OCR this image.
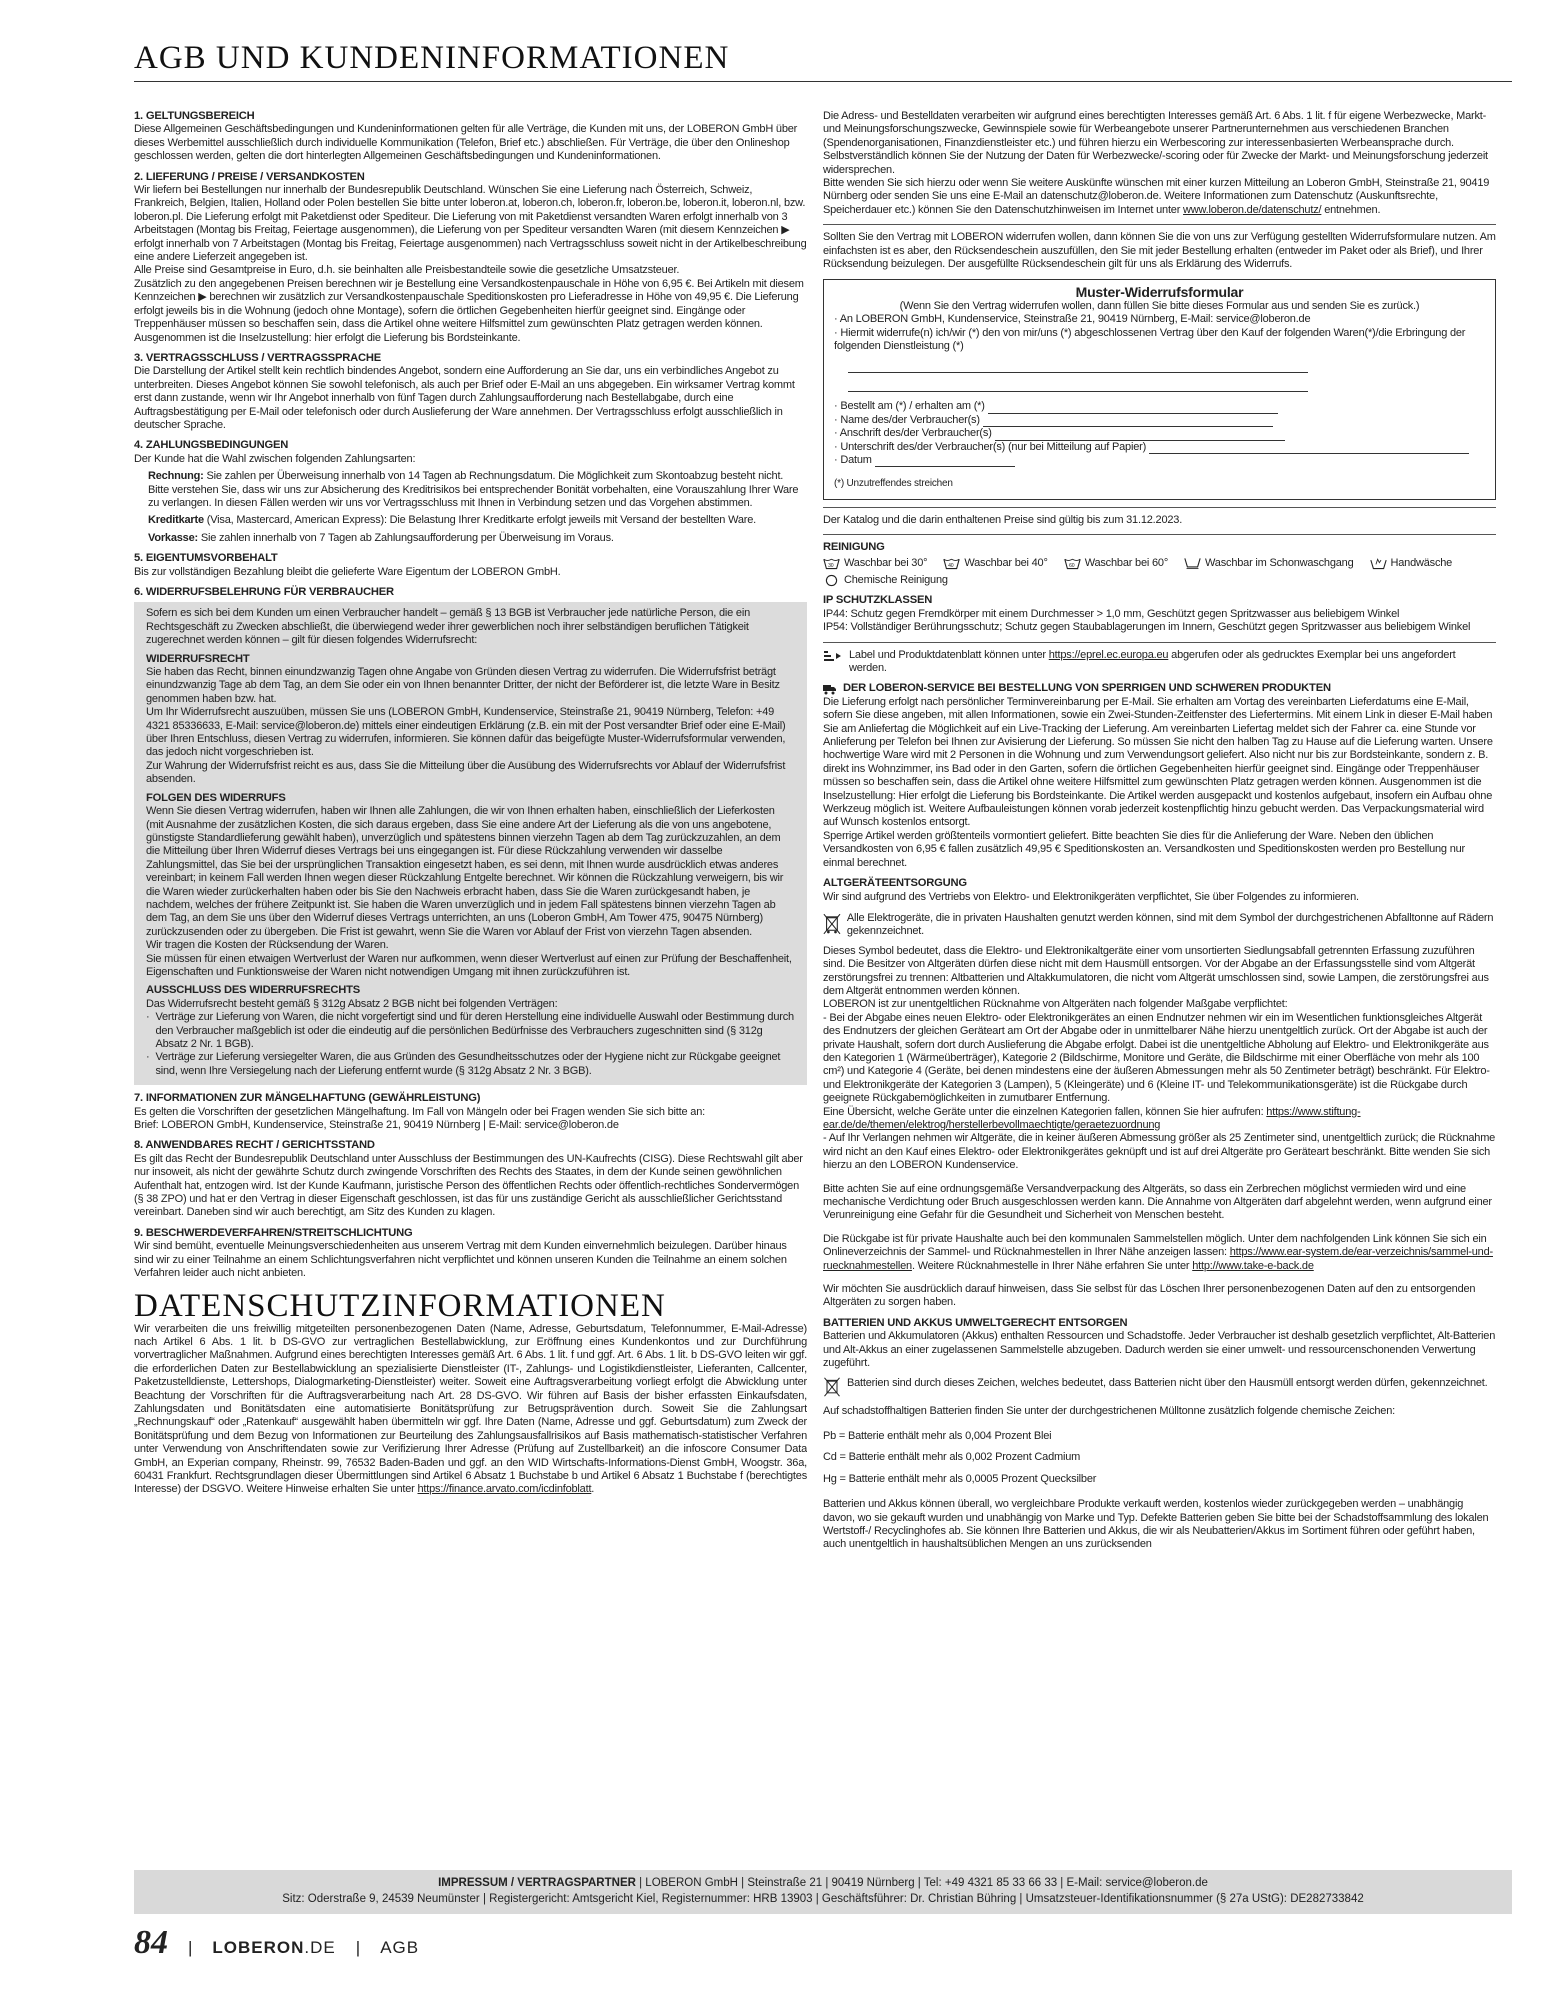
AGB UND KUNDENINFORMATIONEN
1. GELTUNGSBEREICH
Diese Allgemeinen Geschäftsbedingungen und Kundeninformationen gelten für alle Verträge, die Kunden mit uns, der LOBERON GmbH über dieses Werbemittel ausschließlich durch individuelle Kommunikation (Telefon, Brief etc.) abschließen. Für Verträge, die über den Onlineshop geschlossen werden, gelten die dort hinterlegten Allgemeinen Geschäftsbedingungen und Kundeninformationen.
2. LIEFERUNG / PREISE / VERSANDKOSTEN
Wir liefern bei Bestellungen nur innerhalb der Bundesrepublik Deutschland. Wünschen Sie eine Lieferung nach Österreich, Schweiz, Frankreich, Belgien, Italien, Holland oder Polen bestellen Sie bitte unter loberon.at, loberon.ch, loberon.fr, loberon.be, loberon.it, loberon.nl, bzw. loberon.pl. Die Lieferung erfolgt mit Paketdienst oder Spediteur. Die Lieferung von mit Paketdienst versandten Waren erfolgt innerhalb von 3 Arbeitstagen (Montag bis Freitag, Feiertage ausgenommen), die Lieferung von per Spediteur versandten Waren (mit diesem Kennzeichen ▶ erfolgt innerhalb von 7 Arbeitstagen (Montag bis Freitag, Feiertage ausgenommen) nach Vertragsschluss soweit nicht in der Artikelbeschreibung eine andere Lieferzeit angegeben ist.
Alle Preise sind Gesamtpreise in Euro, d.h. sie beinhalten alle Preisbestandteile sowie die gesetzliche Umsatzsteuer.
Zusätzlich zu den angegebenen Preisen berechnen wir je Bestellung eine Versandkostenpauschale in Höhe von 6,95 €. Bei Artikeln mit diesem Kennzeichen ▶ berechnen wir zusätzlich zur Versandkostenpauschale Speditionskosten pro Lieferadresse in Höhe von 49,95 €. Die Lieferung erfolgt jeweils bis in die Wohnung (jedoch ohne Montage), sofern die örtlichen Gegebenheiten hierfür geeignet sind. Eingänge oder Treppenhäuser müssen so beschaffen sein, dass die Artikel ohne weitere Hilfsmittel zum gewünschten Platz getragen werden können. Ausgenommen ist die Inselzustellung: hier erfolgt die Lieferung bis Bordsteinkante.
3. VERTRAGSSCHLUSS / VERTRAGSSPRACHE
Die Darstellung der Artikel stellt kein rechtlich bindendes Angebot, sondern eine Aufforderung an Sie dar, uns ein verbindliches Angebot zu unterbreiten. Dieses Angebot können Sie sowohl telefonisch, als auch per Brief oder E-Mail an uns abgegeben. Ein wirksamer Vertrag kommt erst dann zustande, wenn wir Ihr Angebot innerhalb von fünf Tagen durch Zahlungsaufforderung nach Bestellabgabe, durch eine Auftragsbestätigung per E-Mail oder telefonisch oder durch Auslieferung der Ware annehmen. Der Vertragsschluss erfolgt ausschließlich in deutscher Sprache.
4. ZAHLUNGSBEDINGUNGEN
Der Kunde hat die Wahl zwischen folgenden Zahlungsarten:
Rechnung: Sie zahlen per Überweisung innerhalb von 14 Tagen ab Rechnungsdatum. Die Möglichkeit zum Skontoabzug besteht nicht. Bitte verstehen Sie, dass wir uns zur Absicherung des Kreditrisikos bei entsprechender Bonität vorbehalten, eine Vorauszahlung Ihrer Ware zu verlangen. In diesen Fällen werden wir uns vor Vertragsschluss mit Ihnen in Verbindung setzen und das Vorgehen abstimmen.
Kreditkarte (Visa, Mastercard, American Express): Die Belastung Ihrer Kreditkarte erfolgt jeweils mit Versand der bestellten Ware.
Vorkasse: Sie zahlen innerhalb von 7 Tagen ab Zahlungsaufforderung per Überweisung im Voraus.
5. EIGENTUMSVORBEHALT
Bis zur vollständigen Bezahlung bleibt die gelieferte Ware Eigentum der LOBERON GmbH.
6. WIDERRUFSBELEHRUNG FÜR VERBRAUCHER
Sofern es sich bei dem Kunden um einen Verbraucher handelt – gemäß § 13 BGB ist Verbraucher jede natürliche Person, die ein Rechtsgeschäft zu Zwecken abschließt, die überwiegend weder ihrer gewerblichen noch ihrer selbständigen beruflichen Tätigkeit zugerechnet werden können – gilt für diesen folgendes Widerrufsrecht:
WIDERRUFSRECHT
Sie haben das Recht, binnen einundzwanzig Tagen ohne Angabe von Gründen diesen Vertrag zu widerrufen. Die Widerrufsfrist beträgt einundzwanzig Tage ab dem Tag, an dem Sie oder ein von Ihnen benannter Dritter, der nicht der Beförderer ist, die letzte Ware in Besitz genommen haben bzw. hat.
Um Ihr Widerrufsrecht auszuüben, müssen Sie uns (LOBERON GmbH, Kundenservice, Steinstraße 21, 90419 Nürnberg, Telefon: +49 4321 85336633, E-Mail: service@loberon.de) mittels einer eindeutigen Erklärung (z.B. ein mit der Post versandter Brief oder eine E-Mail) über Ihren Entschluss, diesen Vertrag zu widerrufen, informieren. Sie können dafür das beigefügte Muster-Widerrufsformular verwenden, das jedoch nicht vorgeschrieben ist.
Zur Wahrung der Widerrufsfrist reicht es aus, dass Sie die Mitteilung über die Ausübung des Widerrufsrechts vor Ablauf der Widerrufsfrist absenden.
FOLGEN DES WIDERRUFS
Wenn Sie diesen Vertrag widerrufen, haben wir Ihnen alle Zahlungen, die wir von Ihnen erhalten haben, einschließlich der Lieferkosten (mit Ausnahme der zusätzlichen Kosten, die sich daraus ergeben, dass Sie eine andere Art der Lieferung als die von uns angebotene, günstigste Standardlieferung gewählt haben), unverzüglich und spätestens binnen vierzehn Tagen ab dem Tag zurückzuzahlen, an dem die Mitteilung über Ihren Widerruf dieses Vertrags bei uns eingegangen ist. Für diese Rückzahlung verwenden wir dasselbe Zahlungsmittel, das Sie bei der ursprünglichen Transaktion eingesetzt haben, es sei denn, mit Ihnen wurde ausdrücklich etwas anderes vereinbart; in keinem Fall werden Ihnen wegen dieser Rückzahlung Entgelte berechnet. Wir können die Rückzahlung verweigern, bis wir die Waren wieder zurückerhalten haben oder bis Sie den Nachweis erbracht haben, dass Sie die Waren zurückgesandt haben, je nachdem, welches der frühere Zeitpunkt ist. Sie haben die Waren unverzüglich und in jedem Fall spätestens binnen vierzehn Tagen ab dem Tag, an dem Sie uns über den Widerruf dieses Vertrags unterrichten, an uns (Loberon GmbH, Am Tower 475, 90475 Nürnberg) zurückzusenden oder zu übergeben. Die Frist ist gewahrt, wenn Sie die Waren vor Ablauf der Frist von vierzehn Tagen absenden.
Wir tragen die Kosten der Rücksendung der Waren.
Sie müssen für einen etwaigen Wertverlust der Waren nur aufkommen, wenn dieser Wertverlust auf einen zur Prüfung der Beschaffenheit, Eigenschaften und Funktionsweise der Waren nicht notwendigen Umgang mit ihnen zurückzuführen ist.
AUSSCHLUSS DES WIDERRUFSRECHTS
Das Widerrufsrecht besteht gemäß § 312g Absatz 2 BGB nicht bei folgenden Verträgen:
· Verträge zur Lieferung von Waren, die nicht vorgefertigt sind und für deren Herstellung eine individuelle Auswahl oder Bestimmung durch den Verbraucher maßgeblich ist oder die eindeutig auf die persönlichen Bedürfnisse des Verbrauchers zugeschnitten sind (§ 312g Absatz 2 Nr. 1 BGB).
· Verträge zur Lieferung versiegelter Waren, die aus Gründen des Gesundheitsschutzes oder der Hygiene nicht zur Rückgabe geeignet sind, wenn Ihre Versiegelung nach der Lieferung entfernt wurde (§ 312g Absatz 2 Nr. 3 BGB).
7. INFORMATIONEN ZUR MÄNGELHAFTUNG (GEWÄHRLEISTUNG)
Es gelten die Vorschriften der gesetzlichen Mängelhaftung. Im Fall von Mängeln oder bei Fragen wenden Sie sich bitte an:
Brief: LOBERON GmbH, Kundenservice, Steinstraße 21, 90419 Nürnberg | E-Mail: service@loberon.de
8. ANWENDBARES RECHT / GERICHTSSTAND
Es gilt das Recht der Bundesrepublik Deutschland unter Ausschluss der Bestimmungen des UN-Kaufrechts (CISG). Diese Rechtswahl gilt aber nur insoweit, als nicht der gewährte Schutz durch zwingende Vorschriften des Rechts des Staates, in dem der Kunde seinen gewöhnlichen Aufenthalt hat, entzogen wird. Ist der Kunde Kaufmann, juristische Person des öffentlichen Rechts oder öffentlich-rechtliches Sondervermögen (§ 38 ZPO) und hat er den Vertrag in dieser Eigenschaft geschlossen, ist das für uns zuständige Gericht als ausschließlicher Gerichtsstand vereinbart. Daneben sind wir auch berechtigt, am Sitz des Kunden zu klagen.
9. BESCHWERDEVERFAHREN/STREITSCHLICHTUNG
Wir sind bemüht, eventuelle Meinungsverschiedenheiten aus unserem Vertrag mit dem Kunden einvernehmlich beizulegen. Darüber hinaus sind wir zu einer Teilnahme an einem Schlichtungsverfahren nicht verpflichtet und können unseren Kunden die Teilnahme an einem solchen Verfahren leider auch nicht anbieten.
DATENSCHUTZINFORMATIONEN
Wir verarbeiten die uns freiwillig mitgeteilten personenbezogenen Daten (Name, Adresse, Geburtsdatum, Telefonnummer, E-Mail-Adresse) nach Artikel 6 Abs. 1 lit. b DS-GVO zur vertraglichen Bestellabwicklung, zur Eröffnung eines Kundenkontos und zur Durchführung vorvertraglicher Maßnahmen. Aufgrund eines berechtigten Interesses gemäß Art. 6 Abs. 1 lit. f und ggf. Art. 6 Abs. 1 lit. b DS-GVO leiten wir ggf. die erforderlichen Daten zur Bestellabwicklung an spezialisierte Dienstleister (IT-, Zahlungs- und Logistikdienstleister, Lieferanten, Callcenter, Paketzustelldienste, Lettershops, Dialogmarketing-Dienstleister) weiter. Soweit eine Auftragsverarbeitung vorliegt erfolgt die Abwicklung unter Beachtung der Vorschriften für die Auftragsverarbeitung nach Art. 28 DS-GVO. Wir führen auf Basis der bisher erfassten Einkaufsdaten, Zahlungsdaten und Bonitätsdaten eine automatisierte Bonitätsprüfung zur Betrugsprävention durch. Soweit Sie die Zahlungsart „Rechnungskauf“ oder „Ratenkauf“ ausgewählt haben übermitteln wir ggf. Ihre Daten (Name, Adresse und ggf. Geburtsdatum) zum Zweck der Bonitätsprüfung und dem Bezug von Informationen zur Beurteilung des Zahlungsausfallrisikos auf Basis mathematisch-statistischer Verfahren unter Verwendung von Anschriftendaten sowie zur Verifizierung Ihrer Adresse (Prüfung auf Zustellbarkeit) an die infoscore Consumer Data GmbH, an Experian company, Rheinstr. 99, 76532 Baden-Baden und ggf. an den WID Wirtschafts-Informations-Dienst GmbH, Woogstr. 36a, 60431 Frankfurt. Rechtsgrundlagen dieser Übermittlungen sind Artikel 6 Absatz 1 Buchstabe b und Artikel 6 Absatz 1 Buchstabe f (berechtigtes Interesse) der DSGVO. Weitere Hinweise erhalten Sie unter https://finance.arvato.com/icdinfoblatt.
Die Adress- und Bestelldaten verarbeiten wir aufgrund eines berechtigten Interesses gemäß Art. 6 Abs. 1 lit. f für eigene Werbezwecke, Markt- und Meinungsforschungszwecke, Gewinnspiele sowie für Werbeangebote unserer Partnerunternehmen aus verschiedenen Branchen (Spendenorganisationen, Finanzdienstleister etc.) und führen hierzu ein Werbescoring zur interessenbasierten Werbeansprache durch. Selbstverständlich können Sie der Nutzung der Daten für Werbezwecke/-scoring oder für Zwecke der Markt- und Meinungsforschung jederzeit widersprechen.
Bitte wenden Sie sich hierzu oder wenn Sie weitere Auskünfte wünschen mit einer kurzen Mitteilung an Loberon GmbH, Steinstraße 21, 90419 Nürnberg oder senden Sie uns eine E-Mail an datenschutz@loberon.de. Weitere Informationen zum Datenschutz (Auskunftsrechte, Speicherdauer etc.) können Sie den Datenschutzhinweisen im Internet unter www.loberon.de/datenschutz/ entnehmen.
Sollten Sie den Vertrag mit LOBERON widerrufen wollen, dann können Sie die von uns zur Verfügung gestellten Widerrufsformulare nutzen. Am einfachsten ist es aber, den Rücksendeschein auszufüllen, den Sie mit jeder Bestellung erhalten (entweder im Paket oder als Brief), und Ihrer Rücksendung beizulegen. Der ausgefüllte Rücksendeschein gilt für uns als Erklärung des Widerrufs.
Muster-Widerrufsformular
(Wenn Sie den Vertrag widerrufen wollen, dann füllen Sie bitte dieses Formular aus und senden Sie es zurück.)
· An LOBERON GmbH, Kundenservice, Steinstraße 21, 90419 Nürnberg, E-Mail: service@loberon.de
· Hiermit widerrufe(n) ich/wir (*) den von mir/uns (*) abgeschlossenen Vertrag über den Kauf der folgenden Waren(*)/die Erbringung der folgenden Dienstleistung (*)
· Bestellt am (*) / erhalten am (*)
· Name des/der Verbraucher(s)
· Anschrift des/der Verbraucher(s)
· Unterschrift des/der Verbraucher(s) (nur bei Mitteilung auf Papier)
· Datum
(*) Unzutreffendes streichen
Der Katalog und die darin enthaltenen Preise sind gültig bis zum 31.12.2023.
REINIGUNG
30 Waschbar bei 30°	40 Waschbar bei 40°	60 Waschbar bei 60°	Waschbar im Schonwaschgang	Handwäsche
Chemische Reinigung
IP SCHUTZKLASSEN
IP44: Schutz gegen Fremdkörper mit einem Durchmesser > 1,0 mm, Geschützt gegen Spritzwasser aus beliebigem Winkel
IP54: Vollständiger Berührungsschutz; Schutz gegen Staubablagerungen im Innern, Geschützt gegen Spritzwasser aus beliebigem Winkel
Label und Produktdatenblatt können unter https://eprel.ec.europa.eu abgerufen oder als gedrucktes Exemplar bei uns angefordert werden.
DER LOBERON-SERVICE BEI BESTELLUNG VON SPERRIGEN UND SCHWEREN PRODUKTEN
Die Lieferung erfolgt nach persönlicher Terminvereinbarung per E-Mail. Sie erhalten am Vortag des vereinbarten Lieferdatums eine E-Mail, sofern Sie diese angeben, mit allen Informationen, sowie ein Zwei-Stunden-Zeitfenster des Liefertermins. Mit einem Link in dieser E-Mail haben Sie am Anliefertag die Möglichkeit auf ein Live-Tracking der Lieferung. Am vereinbarten Liefertag meldet sich der Fahrer ca. eine Stunde vor Anlieferung per Telefon bei Ihnen zur Avisierung der Lieferung. So müssen Sie nicht den halben Tag zu Hause auf die Lieferung warten. Unsere hochwertige Ware wird mit 2 Personen in die Wohnung und zum Verwendungsort geliefert. Also nicht nur bis zur Bordsteinkante, sondern z. B. direkt ins Wohnzimmer, ins Bad oder in den Garten, sofern die örtlichen Gegebenheiten hierfür geeignet sind. Eingänge oder Treppenhäuser müssen so beschaffen sein, dass die Artikel ohne weitere Hilfsmittel zum gewünschten Platz getragen werden können. Ausgenommen ist die Inselzustellung: Hier erfolgt die Lieferung bis Bordsteinkante. Die Artikel werden ausgepackt und kostenlos aufgebaut, insofern ein Aufbau ohne Werkzeug möglich ist. Weitere Aufbauleistungen können vorab jederzeit kostenpflichtig hinzu gebucht werden. Das Verpackungsmaterial wird auf Wunsch kostenlos entsorgt.
Sperrige Artikel werden größtenteils vormontiert geliefert. Bitte beachten Sie dies für die Anlieferung der Ware. Neben den üblichen Versandkosten von 6,95 € fallen zusätzlich 49,95 € Speditionskosten an. Versandkosten und Speditionskosten werden pro Bestellung nur einmal berechnet.
ALTGERÄTEENTSORGUNG
Wir sind aufgrund des Vertriebs von Elektro- und Elektronikgeräten verpflichtet, Sie über Folgendes zu informieren.
Alle Elektrogeräte, die in privaten Haushalten genutzt werden können, sind mit dem Symbol der durchgestrichenen Abfalltonne auf Rädern gekennzeichnet.
Dieses Symbol bedeutet, dass die Elektro- und Elektronikaltgeräte einer vom unsortierten Siedlungsabfall getrennten Erfassung zuzuführen sind. Die Besitzer von Altgeräten dürfen diese nicht mit dem Hausmüll entsorgen. Vor der Abgabe an der Erfassungsstelle sind vom Altgerät zerstörungsfrei zu trennen: Altbatterien und Altakkumulatoren, die nicht vom Altgerät umschlossen sind, sowie Lampen, die zerstörungsfrei aus dem Altgerät entnommen werden können.
LOBERON ist zur unentgeltlichen Rücknahme von Altgeräten nach folgender Maßgabe verpflichtet:
- Bei der Abgabe eines neuen Elektro- oder Elektronikgerätes an einen Endnutzer nehmen wir ein im Wesentlichen funktionsgleiches Altgerät des Endnutzers der gleichen Geräteart am Ort der Abgabe oder in unmittelbarer Nähe hierzu unentgeltlich zurück. Ort der Abgabe ist auch der private Haushalt, sofern dort durch Auslieferung die Abgabe erfolgt. Dabei ist die unentgeltliche Abholung auf Elektro- und Elektronikgeräte aus den Kategorien 1 (Wärmeüberträger), Kategorie 2 (Bildschirme, Monitore und Geräte, die Bildschirme mit einer Oberfläche von mehr als 100 cm²) und Kategorie 4 (Geräte, bei denen mindestens eine der äußeren Abmessungen mehr als 50 Zentimeter beträgt) beschränkt. Für Elektro- und Elektronikgeräte der Kategorien 3 (Lampen), 5 (Kleingeräte) und 6 (Kleine IT- und Telekommunikationsgeräte) ist die Rückgabe durch geeignete Rückgabemöglichkeiten in zumutbarer Entfernung.
Eine Übersicht, welche Geräte unter die einzelnen Kategorien fallen, können Sie hier aufrufen: https://www.stiftung-ear.de/de/themen/elektrog/herstellerbevollmaechtigte/geraetezuordnung
- Auf Ihr Verlangen nehmen wir Altgeräte, die in keiner äußeren Abmessung größer als 25 Zentimeter sind, unentgeltlich zurück; die Rücknahme wird nicht an den Kauf eines Elektro- oder Elektronikgerätes geknüpft und ist auf drei Altgeräte pro Geräteart beschränkt. Bitte wenden Sie sich hierzu an den LOBERON Kundenservice.
Bitte achten Sie auf eine ordnungsgemäße Versandverpackung des Altgeräts, so dass ein Zerbrechen möglichst vermieden wird und eine mechanische Verdichtung oder Bruch ausgeschlossen werden kann. Die Annahme von Altgeräten darf abgelehnt werden, wenn aufgrund einer Verunreinigung eine Gefahr für die Gesundheit und Sicherheit von Menschen besteht.
Die Rückgabe ist für private Haushalte auch bei den kommunalen Sammelstellen möglich. Unter dem nachfolgenden Link können Sie sich ein Onlineverzeichnis der Sammel- und Rücknahmestellen in Ihrer Nähe anzeigen lassen: https://www.ear-system.de/ear-verzeichnis/sammel-und-ruecknahmestellen. Weitere Rücknahmestelle in Ihrer Nähe erfahren Sie unter http://www.take-e-back.de
Wir möchten Sie ausdrücklich darauf hinweisen, dass Sie selbst für das Löschen Ihrer personenbezogenen Daten auf den zu entsorgenden Altgeräten zu sorgen haben.
BATTERIEN UND AKKUS UMWELTGERECHT ENTSORGEN
Batterien und Akkumulatoren (Akkus) enthalten Ressourcen und Schadstoffe. Jeder Verbraucher ist deshalb gesetzlich verpflichtet, Alt-Batterien und Alt-Akkus an einer zugelassenen Sammelstelle abzugeben. Dadurch werden sie einer umwelt- und ressourcenschonenden Verwertung zugeführt.
Batterien sind durch dieses Zeichen, welches bedeutet, dass Batterien nicht über den Hausmüll entsorgt werden dürfen, gekennzeichnet.
Auf schadstoffhaltigen Batterien finden Sie unter der durchgestrichenen Mülltonne zusätzlich folgende chemische Zeichen:
Pb = Batterie enthält mehr als 0,004 Prozent Blei
Cd = Batterie enthält mehr als 0,002 Prozent Cadmium
Hg = Batterie enthält mehr als 0,0005 Prozent Quecksilber
Batterien und Akkus können überall, wo vergleichbare Produkte verkauft werden, kostenlos wieder zurückgegeben werden – unabhängig davon, wo sie gekauft wurden und unabhängig von Marke und Typ. Defekte Batterien geben Sie bitte bei der Schadstoffsammlung des lokalen Wertstoff-/ Recyclinghofes ab. Sie können Ihre Batterien und Akkus, die wir als Neubatterien/Akkus im Sortiment führen oder geführt haben, auch unentgeltlich in haushaltsüblichen Mengen an uns zurücksenden
IMPRESSUM / VERTRAGSPARTNER | LOBERON GmbH | Steinstraße 21 | 90419 Nürnberg | Tel: +49 4321 85 33 66 33 | E-Mail: service@loberon.de
Sitz: Oderstraße 9, 24539 Neumünster | Registergericht: Amtsgericht Kiel, Registernummer: HRB 13903 | Geschäftsführer: Dr. Christian Bühring | Umsatzsteuer-Identifikationsnummer (§ 27a UStG): DE282733842
84 | LOBERON.DE | AGB
